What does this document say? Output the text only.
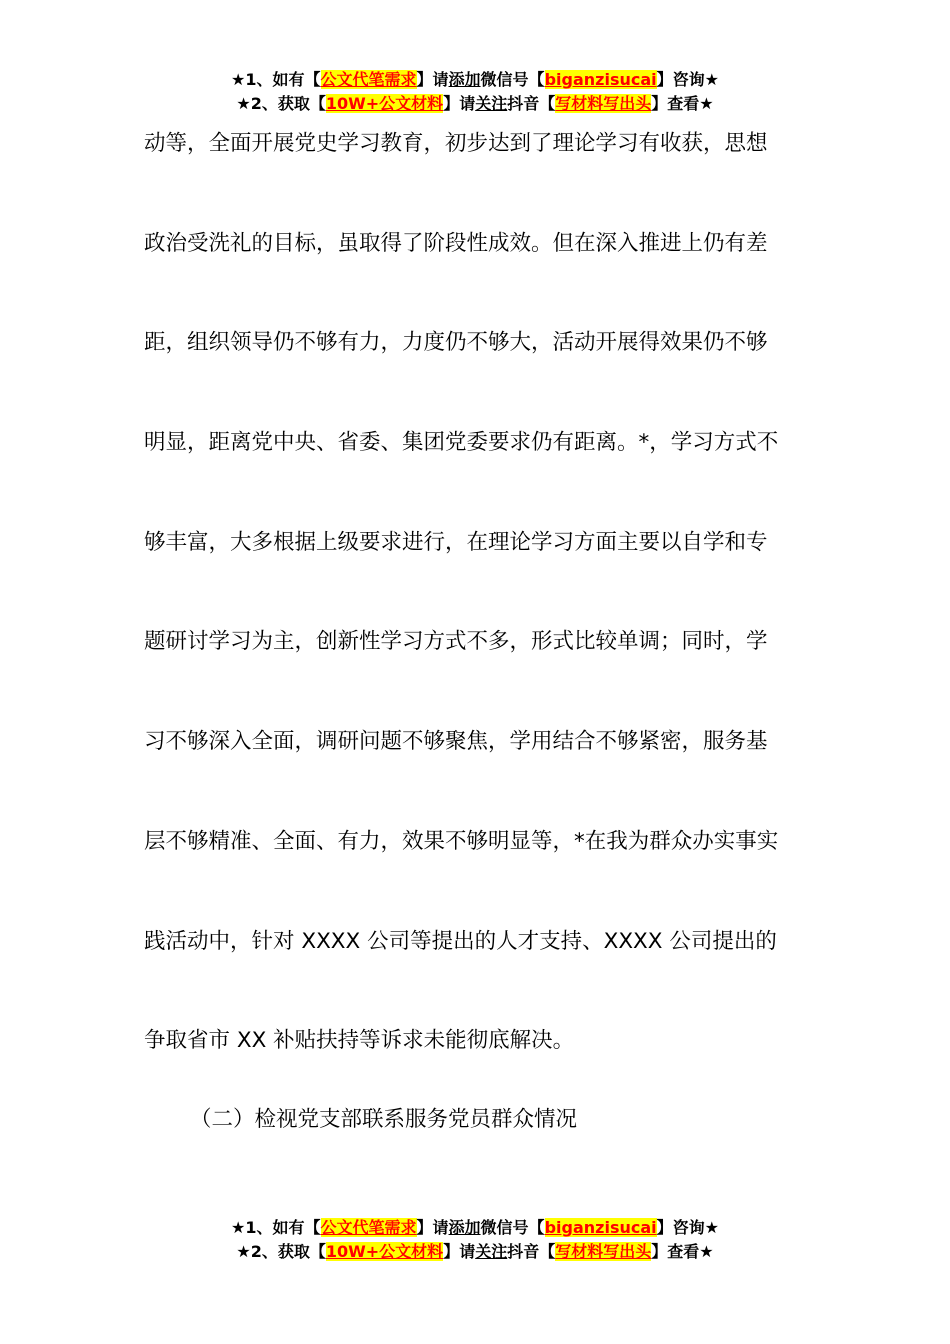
★1、如有【公文代笔需求】请添加微信号【biganzisucai】咨询★
★2、获取【10W+公文材料】请关注抖音【写材料写出头】查看★
动等，全面开展党史学习教育，初步达到了理论学习有收获，思想
政治受洗礼的目标，虽取得了阶段性成效。但在深入推进上仍有差
距，组织领导仍不够有力，力度仍不够大，活动开展得效果仍不够
明显，距离党中央、省委、集团党委要求仍有距离。*，学习方式不
够丰富，大多根据上级要求进行，在理论学习方面主要以自学和专
题研讨学习为主，创新性学习方式不多，形式比较单调；同时，学
习不够深入全面，调研问题不够聚焦，学用结合不够紧密，服务基
层不够精准、全面、有力，效果不够明显等，*在我为群众办实事实
践活动中，针对 XXXX 公司等提出的人才支持、XXXX 公司提出的
争取省市 XX 补贴扶持等诉求未能彻底解决。
（二）检视党支部联系服务党员群众情况
★1、如有【公文代笔需求】请添加微信号【biganzisucai】咨询★
★2、获取【10W+公文材料】请关注抖音【写材料写出头】查看★
